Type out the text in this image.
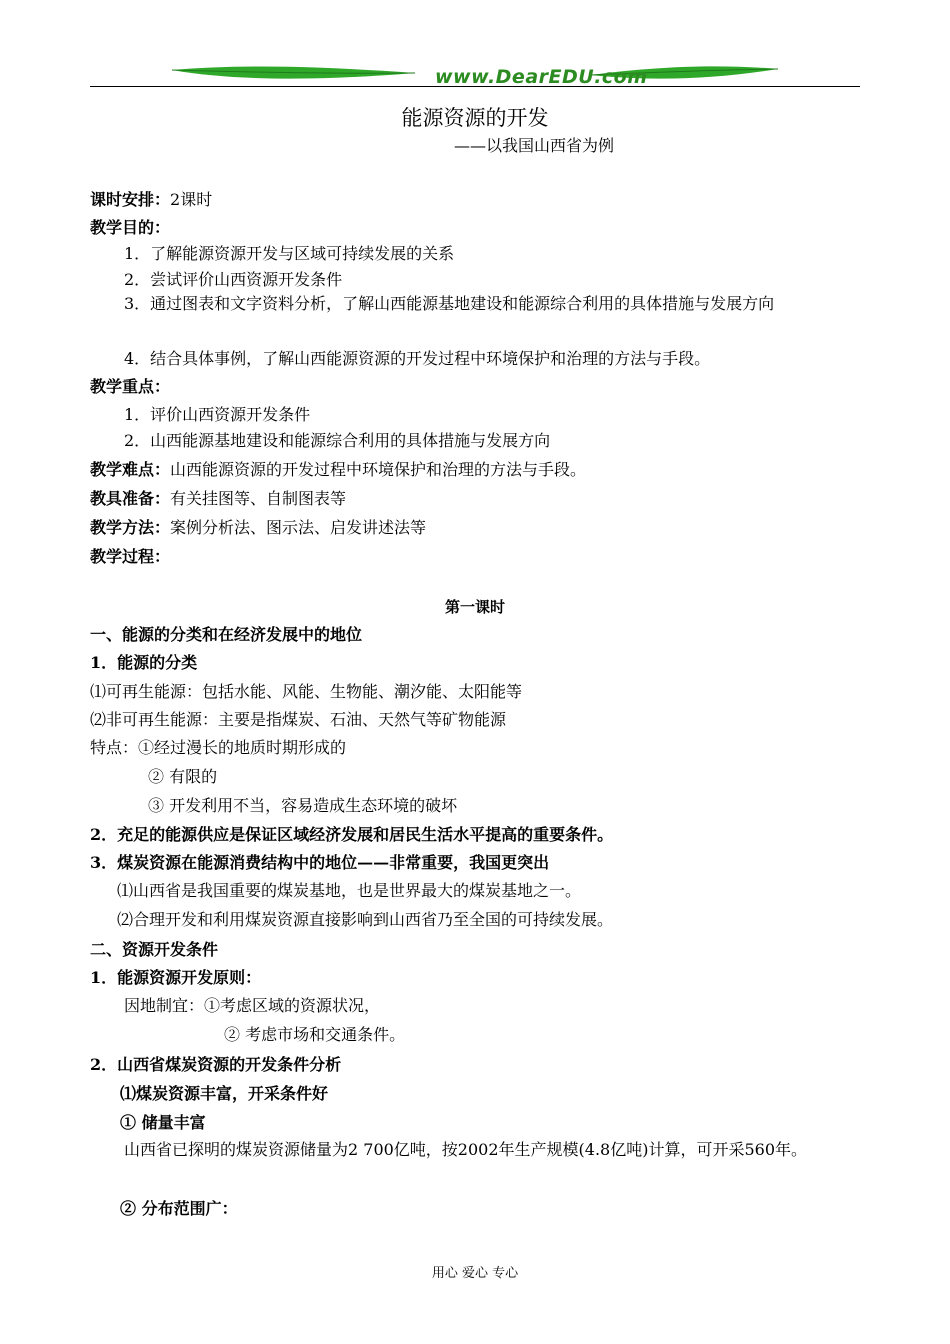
www.DearEDU.com
能源资源的开发
——以我国山西省为例
课时安排：2课时
教学目的：
1．了解能源资源开发与区域可持续发展的关系
2．尝试评价山西资源开发条件
3．通过图表和文字资料分析，了解山西能源基地建设和能源综合利用的具体措施与发展方向
4．结合具体事例，了解山西能源资源的开发过程中环境保护和治理的方法与手段。
教学重点：
1．评价山西资源开发条件
2．山西能源基地建设和能源综合利用的具体措施与发展方向
教学难点：山西能源资源的开发过程中环境保护和治理的方法与手段。
教具准备：有关挂图等、自制图表等
教学方法：案例分析法、图示法、启发讲述法等
教学过程：
第一课时
一、能源的分类和在经济发展中的地位
1．能源的分类
⑴可再生能源：包括水能、风能、生物能、潮汐能、太阳能等
⑵非可再生能源：主要是指煤炭、石油、天然气等矿物能源
特点：①经过漫长的地质时期形成的
② 有限的
③ 开发利用不当，容易造成生态环境的破坏
2．充足的能源供应是保证区域经济发展和居民生活水平提高的重要条件。
3．煤炭资源在能源消费结构中的地位——非常重要，我国更突出
⑴山西省是我国重要的煤炭基地，也是世界最大的煤炭基地之一。
⑵合理开发和利用煤炭资源直接影响到山西省乃至全国的可持续发展。
二、资源开发条件
1．能源资源开发原则：
因地制宜：①考虑区域的资源状况，
② 考虑市场和交通条件。
2．山西省煤炭资源的开发条件分析
⑴煤炭资源丰富，开采条件好
① 储量丰富
山西省已探明的煤炭资源储量为2 700亿吨，按2002年生产规模(4.8亿吨)计算，可开采560年。
② 分布范围广：
用心 爱心 专心
